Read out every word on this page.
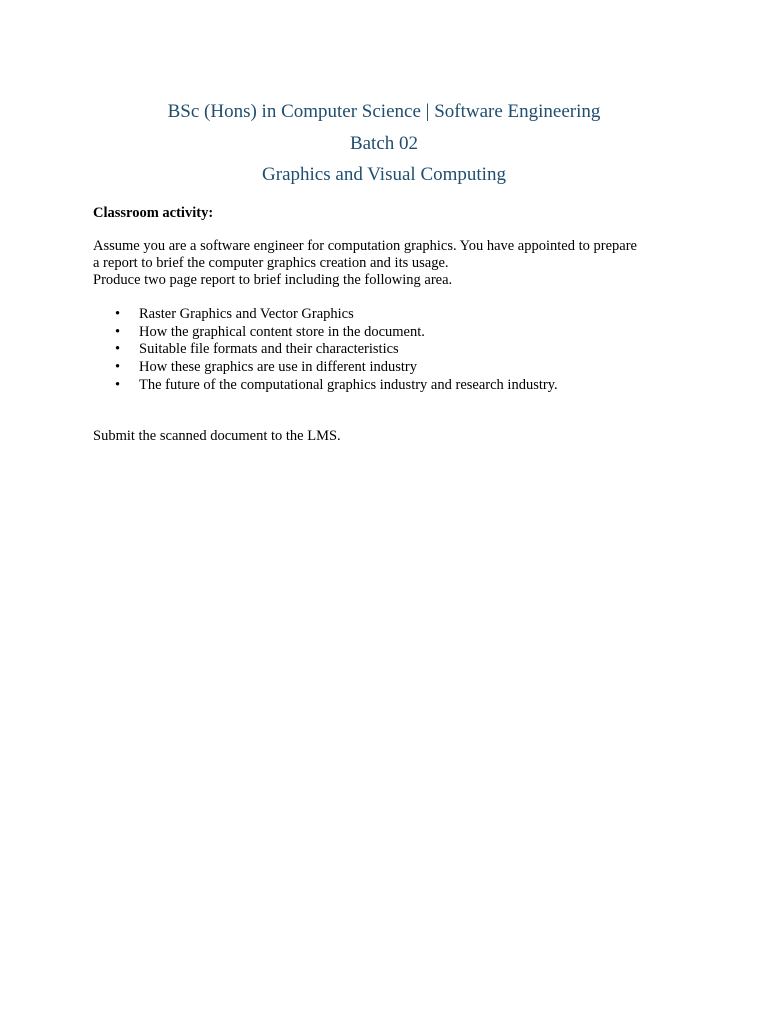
BSc (Hons) in Computer Science | Software Engineering
Batch 02
Graphics and Visual Computing
Classroom activity:
Assume you are a software engineer for computation graphics. You have appointed to prepare
a report to brief the computer graphics creation and its usage.
Produce two page report to brief including the following area.
• Raster Graphics and Vector Graphics
• How the graphical content store in the document.
• Suitable file formats and their characteristics
• How these graphics are use in different industry
• The future of the computational graphics industry and research industry.
Submit the scanned document to the LMS.
